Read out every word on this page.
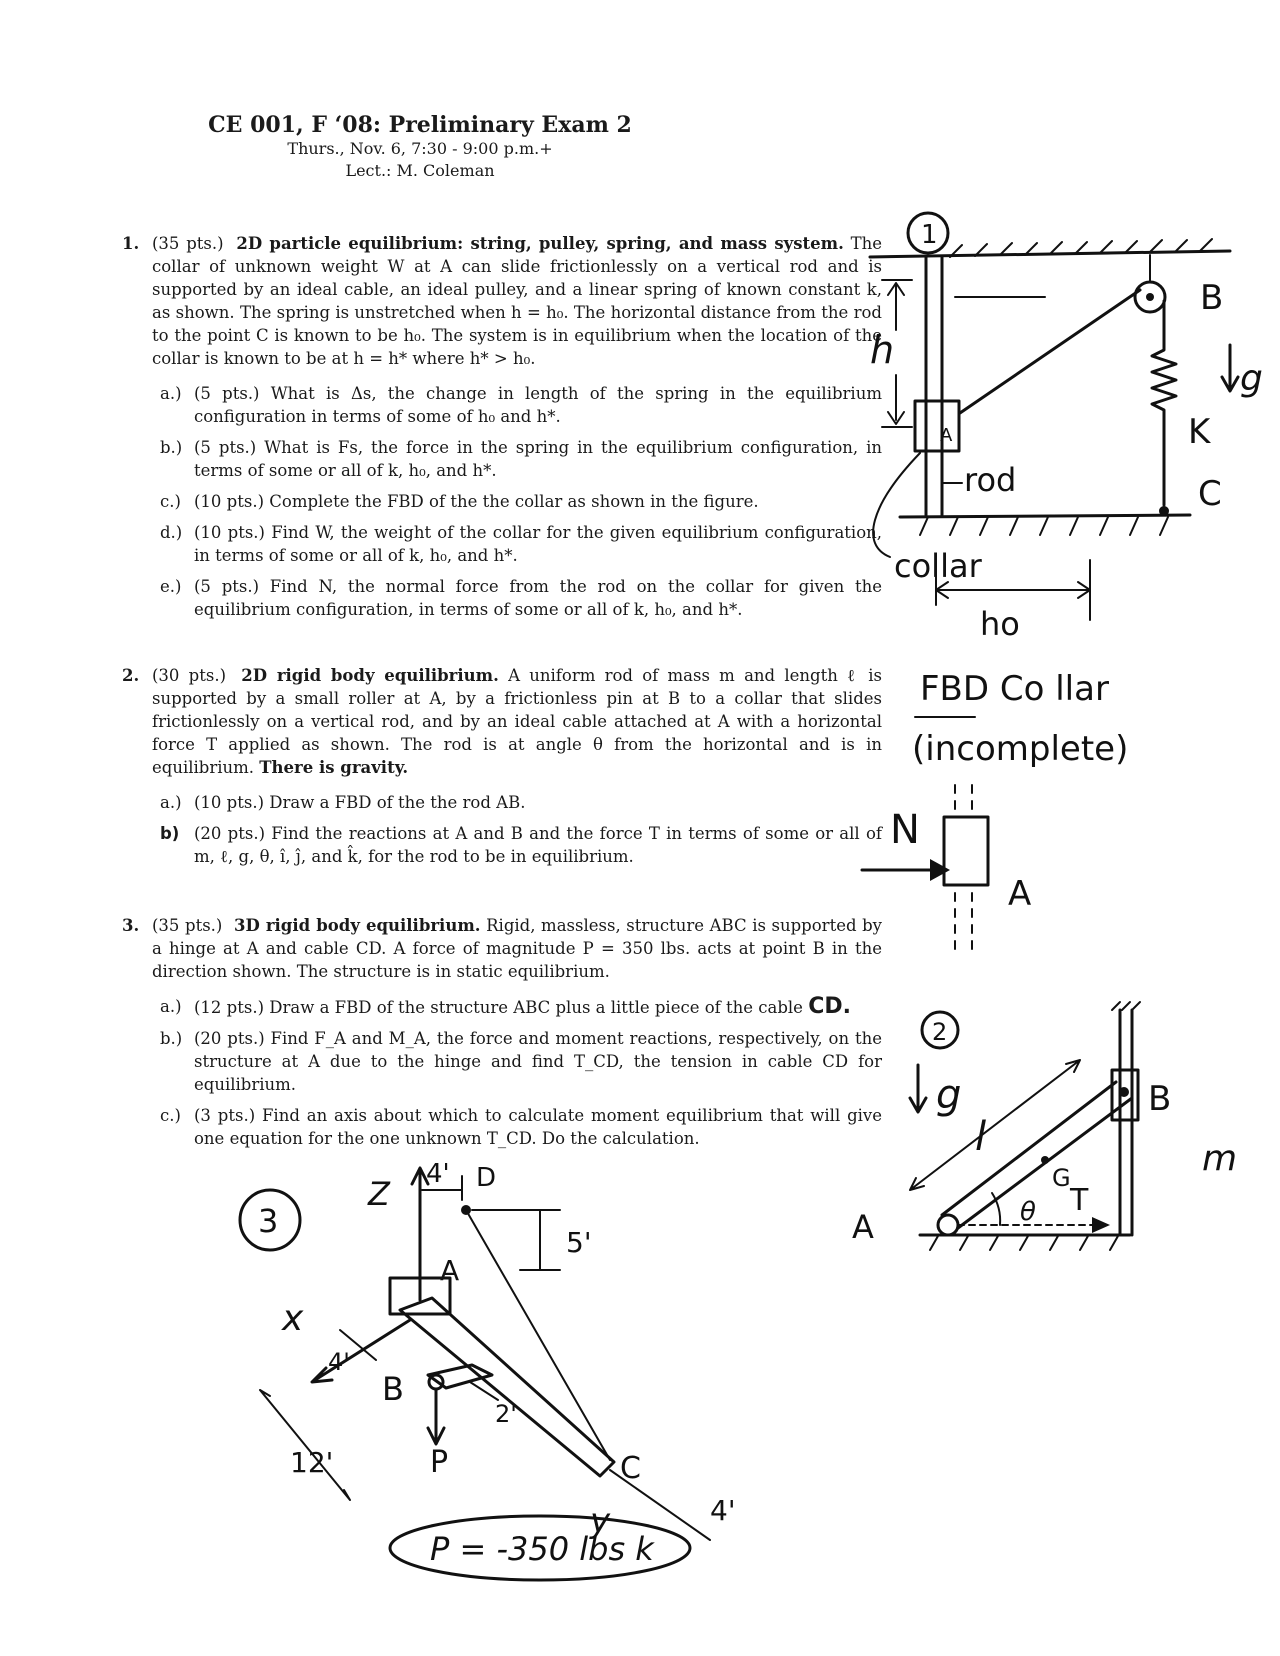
CE 001, F ‘08: Preliminary Exam 2
Thurs., Nov. 6, 7:30 - 9:00 p.m.+
Lect.: M. Coleman
1. (35 pts.) 2D particle equilibrium: string, pulley, spring, and mass system. The collar of unknown weight W at A can slide frictionlessly on a vertical rod and is supported by an ideal cable, an ideal pulley, and a linear spring of known constant k, as shown. The spring is unstretched when h = h₀. The horizontal distance from the rod to the point C is known to be h₀. The system is in equilibrium when the location of the collar is known to be at h = h* where h* > h₀.
a.) (5 pts.) What is Δs, the change in length of the spring in the equilibrium configuration in terms of some of h₀ and h*.
b.) (5 pts.) What is Fs, the force in the spring in the equilibrium configuration, in terms of some or all of k, h₀, and h*.
c.) (10 pts.) Complete the FBD of the the collar as shown in the figure.
d.) (10 pts.) Find W, the weight of the collar for the given equilibrium configuration, in terms of some or all of k, h₀, and h*.
e.) (5 pts.) Find N, the normal force from the rod on the collar for given the equilibrium configuration, in terms of some or all of k, h₀, and h*.
2. (30 pts.) 2D rigid body equilibrium. A uniform rod of mass m and length ℓ is supported by a small roller at A, by a frictionless pin at B to a collar that slides frictionlessly on a vertical rod, and by an ideal cable attached at A with a horizontal force T applied as shown. The rod is at angle θ from the horizontal and is in equilibrium. There is gravity.
a.) (10 pts.) Draw a FBD of the the rod AB.
b) (20 pts.) Find the reactions at A and B and the force T in terms of some or all of m, ℓ, g, θ, î, ĵ, and k̂, for the rod to be in equilibrium.
3. (35 pts.) 3D rigid body equilibrium. Rigid, massless, structure ABC is supported by a hinge at A and cable CD. A force of magnitude P = 350 lbs. acts at point B in the direction shown. The structure is in static equilibrium.
a.) (12 pts.) Draw a FBD of the structure ABC plus a little piece of the cable CD.
b.) (20 pts.) Find F_A and M_A, the force and moment reactions, respectively, on the structure at A due to the hinge and find T_CD, the tension in cable CD for equilibrium.
c.) (3 pts.) Find an axis about which to calculate moment equilibrium that will give one equation for the one unknown T_CD. Do the calculation.
1
A
h
B
K
C
g
rod
collar
ho
FBD Co llar
(incomplete)
N
A
2
g	B
G
l
θ T
A
m
3
Z
4' D
5'
A
C
x
y
4'
2'
B
12'
4'
P
P = -350 lbs k
